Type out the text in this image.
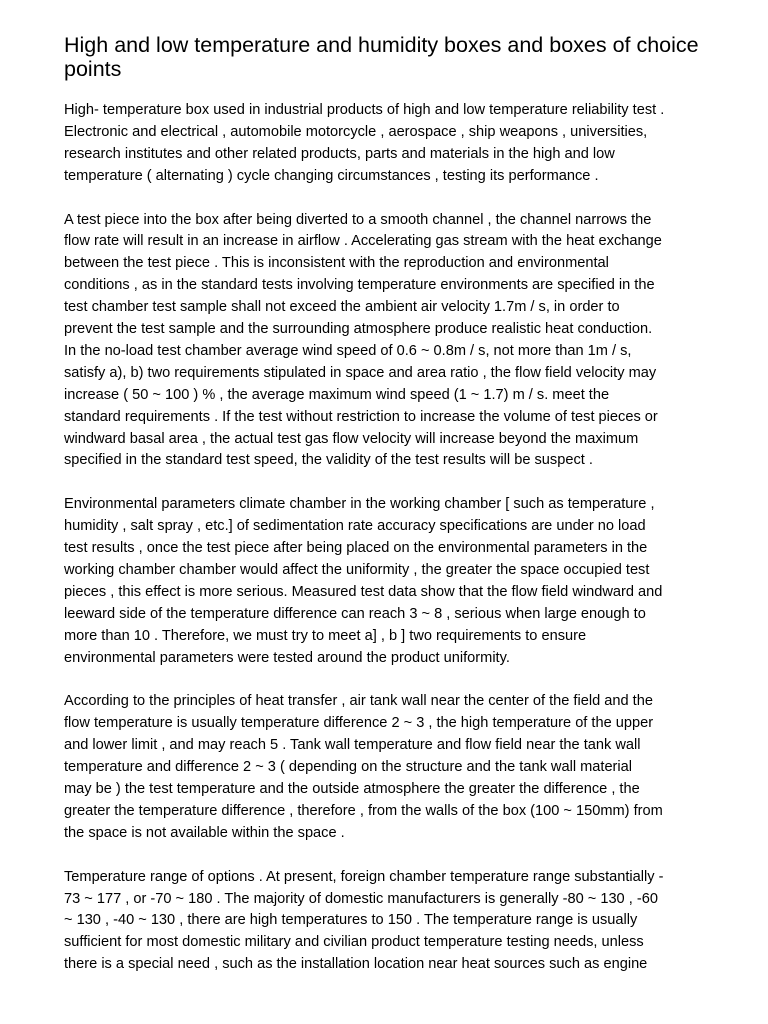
High and low temperature and humidity boxes and boxes of choice points

High- temperature box used in industrial products of high and low temperature reliability test .
Electronic and electrical , automobile motorcycle , aerospace , ship weapons , universities,
research institutes and other related products, parts and materials in the high and low
temperature ( alternating ) cycle changing circumstances , testing its performance .

A test piece into the box after being diverted to a smooth channel , the channel narrows the
flow rate will result in an increase in airflow . Accelerating gas stream with the heat exchange
between the test piece . This is inconsistent with the reproduction and environmental
conditions , as in the standard tests involving temperature environments are specified in the
test chamber test sample shall not exceed the ambient air velocity 1.7m / s, in order to
prevent the test sample and the surrounding atmosphere produce realistic heat conduction.
In the no-load test chamber average wind speed of 0.6 ~ 0.8m / s, not more than 1m / s,
satisfy a), b) two requirements stipulated in space and area ratio , the flow field velocity may
increase ( 50 ~ 100 ) % , the average maximum wind speed (1 ~ 1.7) m / s. meet the
standard requirements . If the test without restriction to increase the volume of test pieces or
windward basal area , the actual test gas flow velocity will increase beyond the maximum
specified in the standard test speed, the validity of the test results will be suspect .

Environmental parameters climate chamber in the working chamber [ such as temperature ,
humidity , salt spray , etc.] of sedimentation rate accuracy specifications are under no load
test results , once the test piece after being placed on the environmental parameters in the
working chamber chamber would affect the uniformity , the greater the space occupied test
pieces , this effect is more serious. Measured test data show that the flow field windward and
leeward side of the temperature difference can reach 3 ~ 8 , serious when large enough to
more than 10 . Therefore, we must try to meet a] , b ] two requirements to ensure
environmental parameters were tested around the product uniformity.

According to the principles of heat transfer , air tank wall near the center of the field and the
flow temperature is usually temperature difference 2 ~ 3 , the high temperature of the upper
and lower limit , and may reach 5 . Tank wall temperature and flow field near the tank wall
temperature and difference 2 ~ 3 ( depending on the structure and the tank wall material
may be ) the test temperature and the outside atmosphere the greater the difference , the
greater the temperature difference , therefore , from the walls of the box (100 ~ 150mm) from
the space is not available within the space .

Temperature range of options . At present, foreign chamber temperature range substantially -
73 ~ 177 , or -70 ~ 180 . The majority of domestic manufacturers is generally -80 ~ 130 , -60
~ 130 , -40 ~ 130 , there are high temperatures to 150 . The temperature range is usually
sufficient for most domestic military and civilian product temperature testing needs, unless
there is a special need , such as the installation location near heat sources such as engine
